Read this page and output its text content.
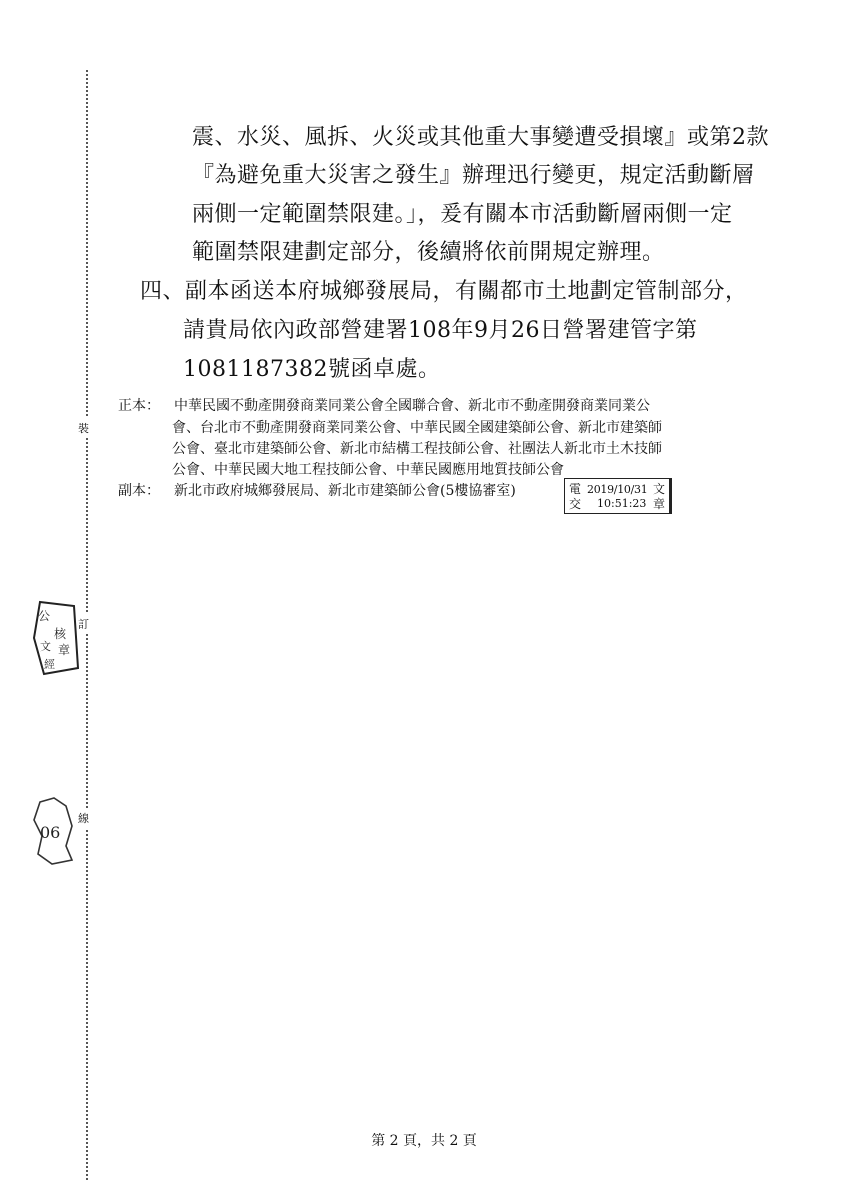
裝
訂
線
公
核
章
文
經
06
震、水災、風拆、火災或其他重大事變遭受損壞』或第2款
『為避免重大災害之發生』辦理迅行變更，規定活動斷層
兩側一定範圍禁限建。」，爰有關本市活動斷層兩側一定
範圍禁限建劃定部分，後續將依前開規定辦理。
四、副本函送本府城鄉發展局，有關都市土地劃定管制部分，
請貴局依內政部營建署108年9月26日營署建管字第
1081187382號函卓處。
正本： 中華民國不動產開發商業同業公會全國聯合會、新北市不動產開發商業同業公
會、台北市不動產開發商業同業公會、中華民國全國建築師公會、新北市建築師
公會、臺北市建築師公會、新北市結構工程技師公會、社團法人新北市土木技師
公會、中華民國大地工程技師公會、中華民國應用地質技師公會
副本： 新北市政府城鄉發展局、新北市建築師公會(5樓協審室)	電 2019/10/31 文
交 10:51:23 章
第 2 頁，共 2 頁
